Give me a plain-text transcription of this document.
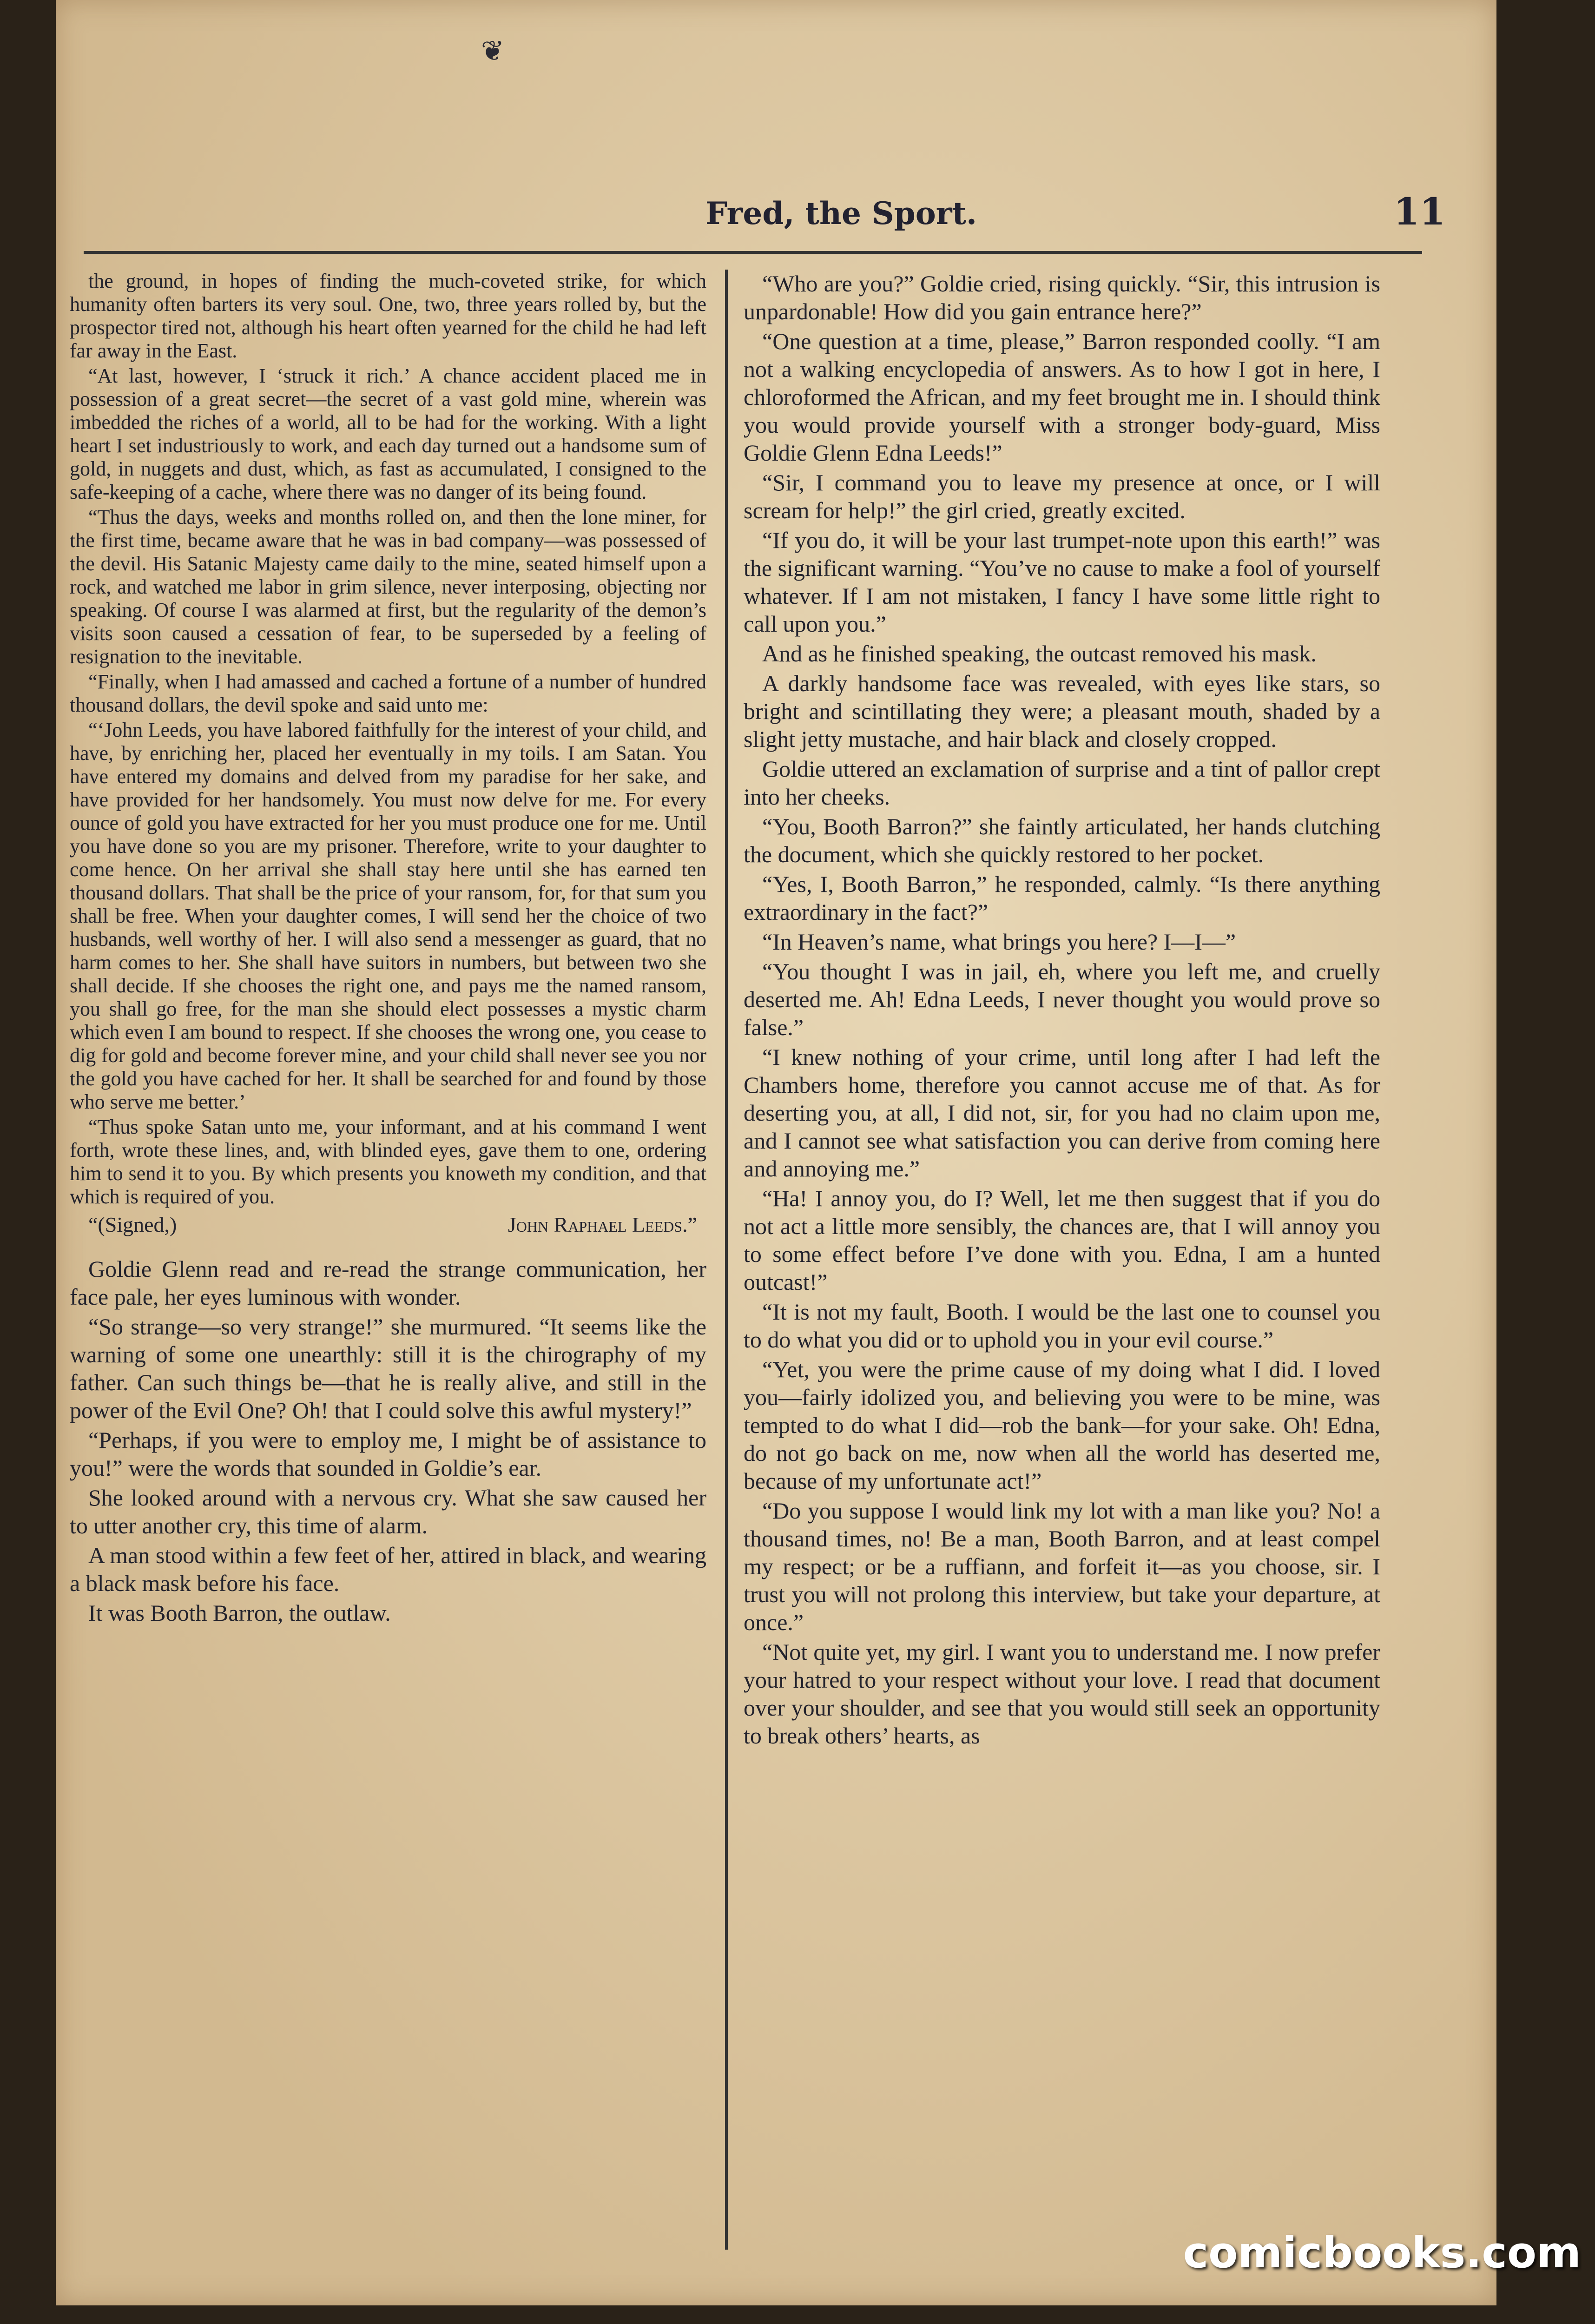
❦
Fred, the Sport.	11

the ground, in hopes of finding the much-coveted strike, for which humanity often barters its very soul. One, two, three years rolled by, but the prospector tired not, although his heart often yearned for the child he had left far away in the East.

“At last, however, I ‘struck it rich.’ A chance accident placed me in possession of a great secret—the secret of a vast gold mine, wherein was imbedded the riches of a world, all to be had for the working. With a light heart I set industriously to work, and each day turned out a handsome sum of gold, in nuggets and dust, which, as fast as accumulated, I consigned to the safe-keeping of a cache, where there was no danger of its being found.

“Thus the days, weeks and months rolled on, and then the lone miner, for the first time, became aware that he was in bad company—was possessed of the devil. His Satanic Majesty came daily to the mine, seated himself upon a rock, and watched me labor in grim silence, never interposing, objecting nor speaking. Of course I was alarmed at first, but the regularity of the demon’s visits soon caused a cessation of fear, to be superseded by a feeling of resignation to the inevitable.

“Finally, when I had amassed and cached a fortune of a number of hundred thousand dollars, the devil spoke and said unto me:

“‘John Leeds, you have labored faithfully for the interest of your child, and have, by enriching her, placed her eventually in my toils. I am Satan. You have entered my domains and delved from my paradise for her sake, and have provided for her handsomely. You must now delve for me. For every ounce of gold you have extracted for her you must produce one for me. Until you have done so you are my prisoner. Therefore, write to your daughter to come hence. On her arrival she shall stay here until she has earned ten thousand dollars. That shall be the price of your ransom, for, for that sum you shall be free. When your daughter comes, I will send her the choice of two husbands, well worthy of her. I will also send a messenger as guard, that no harm comes to her. She shall have suitors in numbers, but between two she shall decide. If she chooses the right one, and pays me the named ransom, you shall go free, for the man she should elect possesses a mystic charm which even I am bound to respect. If she chooses the wrong one, you cease to dig for gold and become forever mine, and your child shall never see you nor the gold you have cached for her. It shall be searched for and found by those who serve me better.’

“Thus spoke Satan unto me, your informant, and at his command I went forth, wrote these lines, and, with blinded eyes, gave them to one, ordering him to send it to you. By which presents you knoweth my condition, and that which is required of you.

“(Signed,)	John Raphael Leeds.”

Goldie Glenn read and re-read the strange communication, her face pale, her eyes luminous with wonder.

“So strange—so very strange!” she murmured. “It seems like the warning of some one unearthly: still it is the chirography of my father. Can such things be—that he is really alive, and still in the power of the Evil One? Oh! that I could solve this awful mystery!”

“Perhaps, if you were to employ me, I might be of assistance to you!” were the words that sounded in Goldie’s ear.

She looked around with a nervous cry. What she saw caused her to utter another cry, this time of alarm.

A man stood within a few feet of her, attired in black, and wearing a black mask before his face.

It was Booth Barron, the outlaw.

“Who are you?” Goldie cried, rising quickly. “Sir, this intrusion is unpardonable! How did you gain entrance here?”

“One question at a time, please,” Barron responded coolly. “I am not a walking encyclopedia of answers. As to how I got in here, I chloroformed the African, and my feet brought me in. I should think you would provide yourself with a stronger body-guard, Miss Goldie Glenn Edna Leeds!”

“Sir, I command you to leave my presence at once, or I will scream for help!” the girl cried, greatly excited.

“If you do, it will be your last trumpet-note upon this earth!” was the significant warning. “You’ve no cause to make a fool of yourself whatever. If I am not mistaken, I fancy I have some little right to call upon you.”

And as he finished speaking, the outcast removed his mask.

A darkly handsome face was revealed, with eyes like stars, so bright and scintillating they were; a pleasant mouth, shaded by a slight jetty mustache, and hair black and closely cropped.

Goldie uttered an exclamation of surprise and a tint of pallor crept into her cheeks.

“You, Booth Barron?” she faintly articulated, her hands clutching the document, which she quickly restored to her pocket.

“Yes, I, Booth Barron,” he responded, calmly. “Is there anything extraordinary in the fact?”

“In Heaven’s name, what brings you here? I—I—”

“You thought I was in jail, eh, where you left me, and cruelly deserted me. Ah! Edna Leeds, I never thought you would prove so false.”

“I knew nothing of your crime, until long after I had left the Chambers home, therefore you cannot accuse me of that. As for deserting you, at all, I did not, sir, for you had no claim upon me, and I cannot see what satisfaction you can derive from coming here and annoying me.”

“Ha! I annoy you, do I? Well, let me then suggest that if you do not act a little more sensibly, the chances are, that I will annoy you to some effect before I’ve done with you. Edna, I am a hunted outcast!”

“It is not my fault, Booth. I would be the last one to counsel you to do what you did or to uphold you in your evil course.”

“Yet, you were the prime cause of my doing what I did. I loved you—fairly idolized you, and believing you were to be mine, was tempted to do what I did—rob the bank—for your sake. Oh! Edna, do not go back on me, now when all the world has deserted me, because of my unfortunate act!”

“Do you suppose I would link my lot with a man like you? No! a thousand times, no! Be a man, Booth Barron, and at least compel my respect; or be a ruffiann, and forfeit it—as you choose, sir. I trust you will not prolong this interview, but take your departure, at once.”

“Not quite yet, my girl. I want you to understand me. I now prefer your hatred to your respect without your love. I read that document over your shoulder, and see that you would still seek an opportunity to break others’ hearts, as

comicbooks.com
